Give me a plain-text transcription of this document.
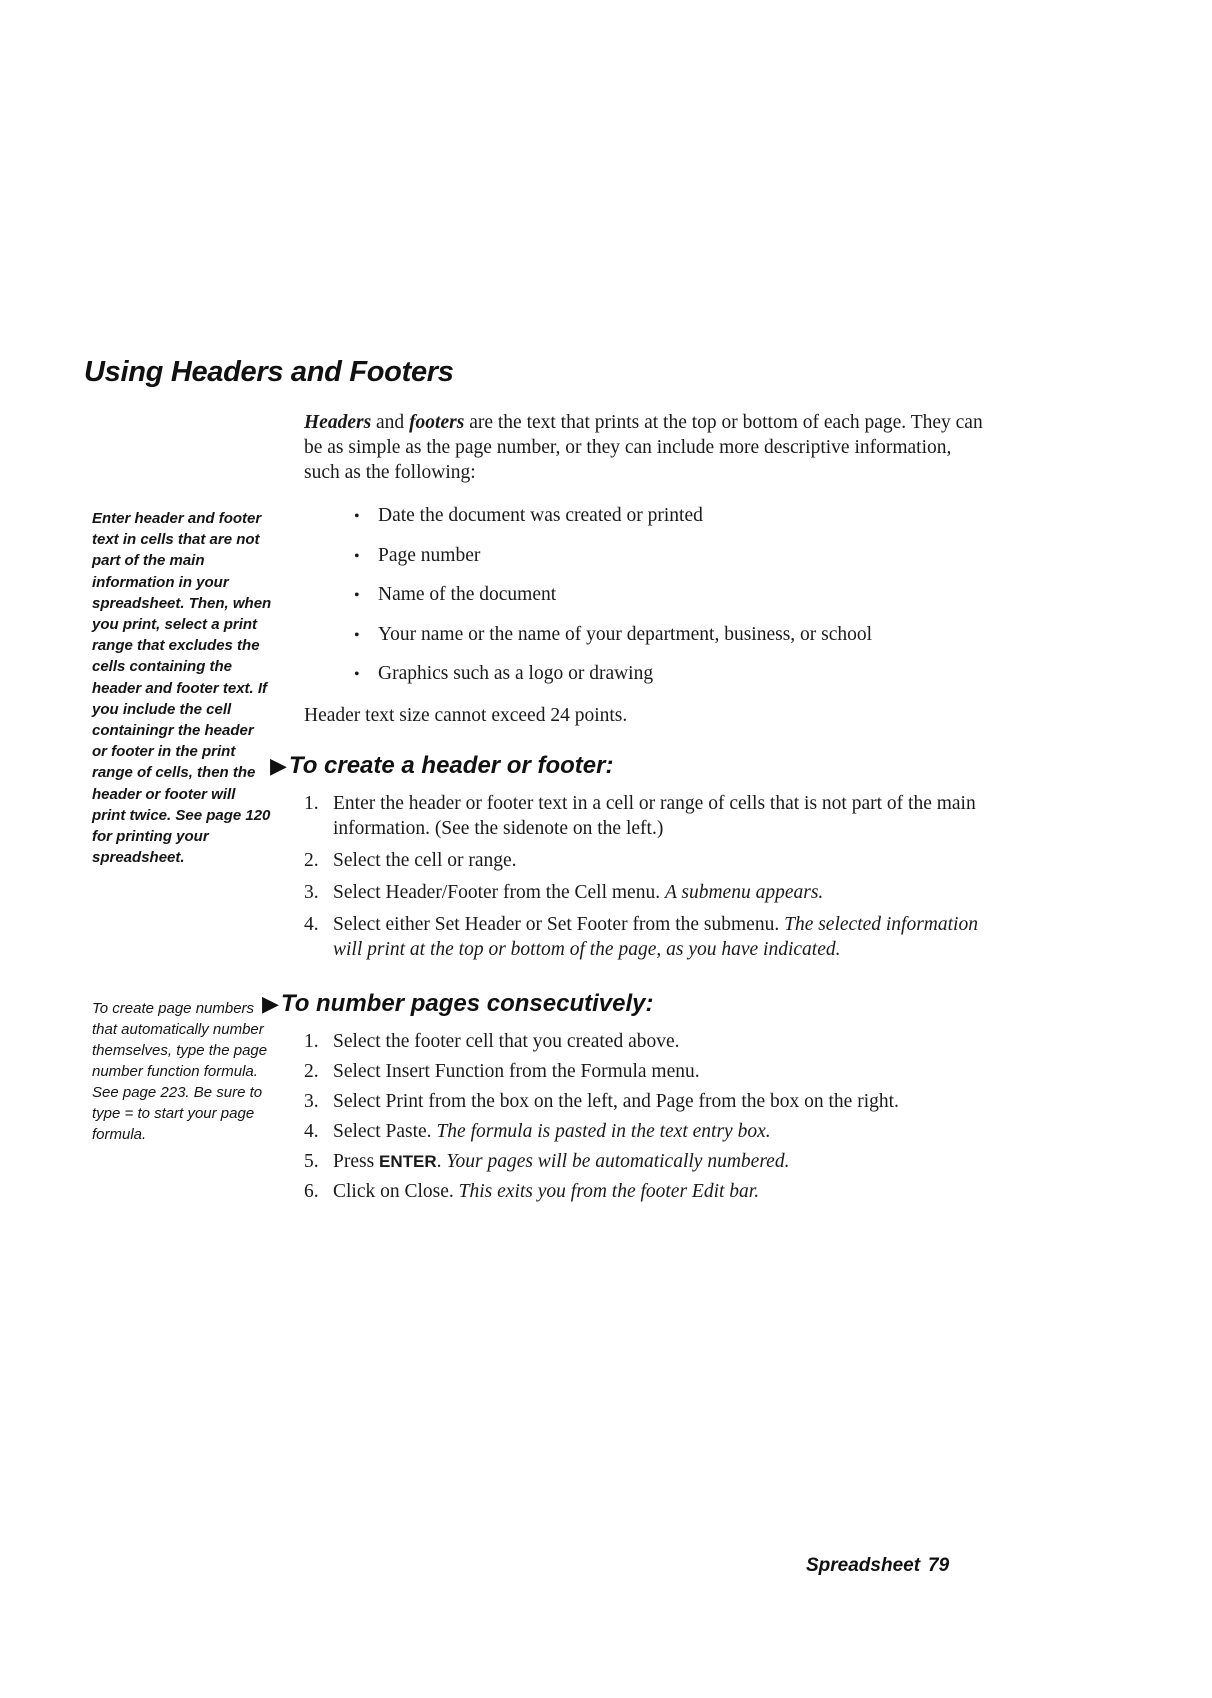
Using Headers and Footers

Headers and footers are the text that prints at the top or bottom of each page. They can be as simple as the page number, or they can include more descriptive information, such as the following:

• Date the document was created or printed
• Page number
• Name of the document
• Your name or the name of your department, business, or school
• Graphics such as a logo or drawing

Header text size cannot exceed 24 points.

▶To create a header or footer:
1. Enter the header or footer text in a cell or range of cells that is not part of the main information. (See the sidenote on the left.)
2. Select the cell or range.
3. Select Header/Footer from the Cell menu. A submenu appears.
4. Select either Set Header or Set Footer from the submenu. The selected information will print at the top or bottom of the page, as you have indicated.
▶To number pages consecutively:
1. Select the footer cell that you created above.
2. Select Insert Function from the Formula menu.
3. Select Print from the box on the left, and Page from the box on the right.
4. Select Paste. The formula is pasted in the text entry box.
5. Press ENTER. Your pages will be automatically numbered.
6. Click on Close. This exits you from the footer Edit bar.

Enter header and footer text in cells that are not part of the main information in your spreadsheet. Then, when you print, select a print range that excludes the cells containing the header and footer text. If you include the cell containingr the header or footer in the print range of cells, then the header or footer will print twice. See page 120 for printing your spreadsheet.

To create page numbers that automatically number themselves, type the page number function formula. See page 223. Be sure to type = to start your page formula.

Spreadsheet 79
